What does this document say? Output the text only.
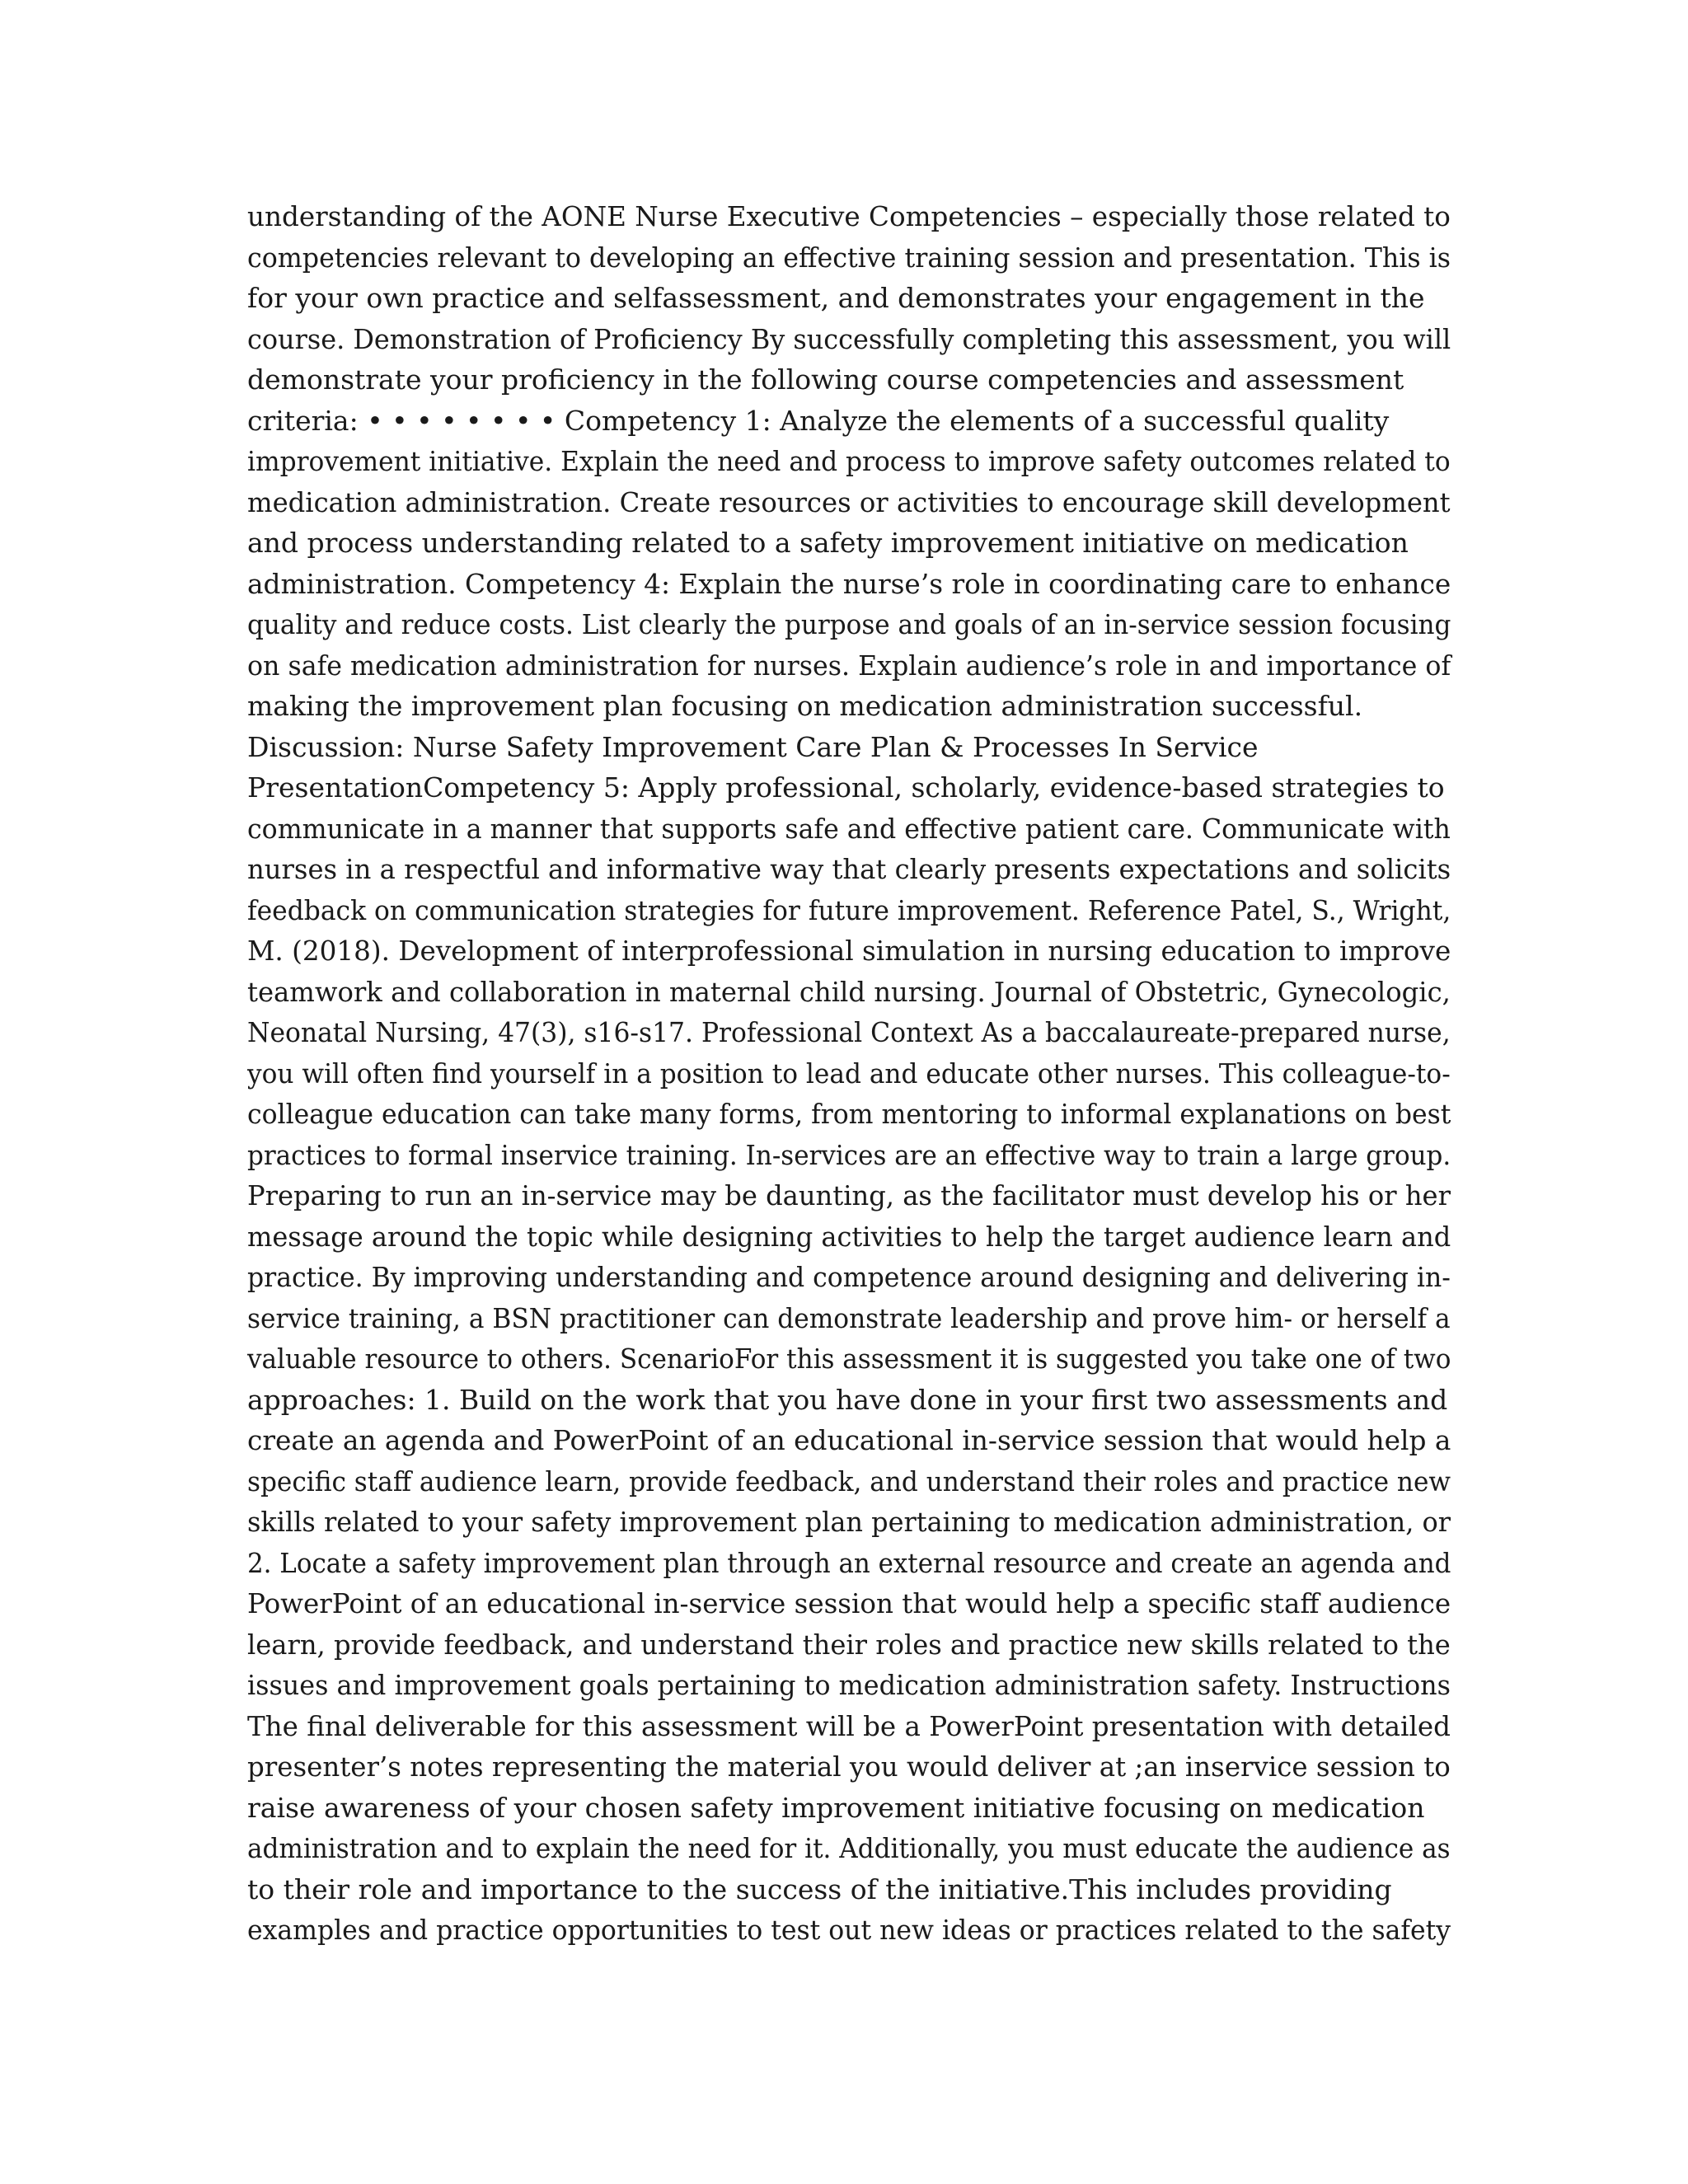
understanding of the AONE Nurse Executive Competencies – especially those related to
competencies relevant to developing an effective training session and presentation. This is
for your own practice and selfassessment, and demonstrates your engagement in the
course. Demonstration of Proficiency By successfully completing this assessment, you will
demonstrate your proficiency in the following course competencies and assessment
criteria: • • • • • • • • Competency 1: Analyze the elements of a successful quality
improvement initiative. Explain the need and process to improve safety outcomes related to
medication administration. Create resources or activities to encourage skill development
and process understanding related to a safety improvement initiative on medication
administration. Competency 4: Explain the nurse’s role in coordinating care to enhance
quality and reduce costs. List clearly the purpose and goals of an in-service session focusing
on safe medication administration for nurses. Explain audience’s role in and importance of
making the improvement plan focusing on medication administration successful.
Discussion: Nurse Safety Improvement Care Plan & Processes In Service
PresentationCompetency 5: Apply professional, scholarly, evidence-based strategies to
communicate in a manner that supports safe and effective patient care. Communicate with
nurses in a respectful and informative way that clearly presents expectations and solicits
feedback on communication strategies for future improvement. Reference Patel, S., Wright,
M. (2018). Development of interprofessional simulation in nursing education to improve
teamwork and collaboration in maternal child nursing. Journal of Obstetric, Gynecologic,
Neonatal Nursing, 47(3), s16-s17. Professional Context As a baccalaureate-prepared nurse,
you will often find yourself in a position to lead and educate other nurses. This colleague-to-
colleague education can take many forms, from mentoring to informal explanations on best
practices to formal inservice training. In-services are an effective way to train a large group.
Preparing to run an in-service may be daunting, as the facilitator must develop his or her
message around the topic while designing activities to help the target audience learn and
practice. By improving understanding and competence around designing and delivering in-
service training, a BSN practitioner can demonstrate leadership and prove him- or herself a
valuable resource to others. ScenarioFor this assessment it is suggested you take one of two
approaches: 1. Build on the work that you have done in your first two assessments and
create an agenda and PowerPoint of an educational in-service session that would help a
specific staff audience learn, provide feedback, and understand their roles and practice new
skills related to your safety improvement plan pertaining to medication administration, or
2. Locate a safety improvement plan through an external resource and create an agenda and
PowerPoint of an educational in-service session that would help a specific staff audience
learn, provide feedback, and understand their roles and practice new skills related to the
issues and improvement goals pertaining to medication administration safety. Instructions
The final deliverable for this assessment will be a PowerPoint presentation with detailed
presenter’s notes representing the material you would deliver at ;an inservice session to
raise awareness of your chosen safety improvement initiative focusing on medication
administration and to explain the need for it. Additionally, you must educate the audience as
to their role and importance to the success of the initiative.This includes providing
examples and practice opportunities to test out new ideas or practices related to the safety
